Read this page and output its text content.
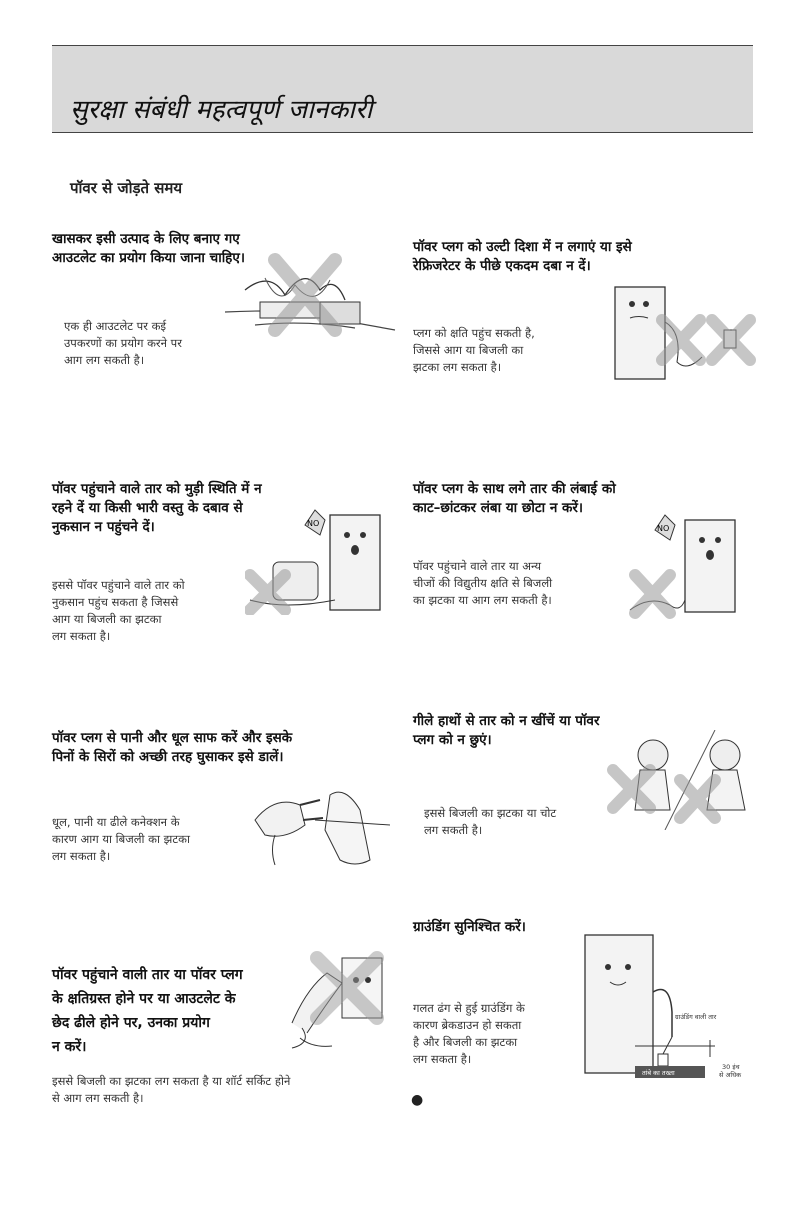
सुरक्षा संबंधी महत्वपूर्ण जानकारी
पॉवर से जोड़ते समय
खासकर इसी उत्पाद के लिए बनाए गए
आउटलेट का प्रयोग किया जाना चाहिए।
एक ही आउटलेट पर कई
उपकरणों का प्रयोग करने पर
आग लग सकती है।
पॉवर प्लग को उल्टी दिशा में न लगाएं या इसे
रेफ्रिजरेटर के पीछे एकदम दबा न दें।
प्लग को क्षति पहुंच सकती है,
जिससे आग या बिजली का
झटका लग सकता है।
पॉवर पहुंचाने वाले तार को मुड़ी स्थिति में न
रहने दें या किसी भारी वस्तु के दबाव से
नुकसान न पहुंचने दें।
इससे पॉवर पहुंचाने वाले तार को
नुकसान पहुंच सकता है जिससे
आग या बिजली का झटका
लग सकता है।
NO
पॉवर प्लग के साथ लगे तार की लंबाई को
काट–छांटकर लंबा या छोटा न करें।
पॉवर पहुंचाने वाले तार या अन्य
चीजों की विद्युतीय क्षति से बिजली
का झटका या आग लग सकती है।
NO
पॉवर प्लग से पानी और धूल साफ करें और इसके
पिनों के सिरों को अच्छी तरह घुसाकर इसे डालें।
धूल, पानी या ढीले कनेक्शन के
कारण आग या बिजली का झटका
लग सकता है।
गीले हाथों से तार को न खींचें या पॉवर
प्लग को न छुएं।
इससे बिजली का झटका या चोट
लग सकती है।
पॉवर पहुंचाने वाली तार या पॉवर प्लग
के क्षतिग्रस्त होने पर या आउटलेट के
छेद ढीले होने पर, उनका प्रयोग
न करें।
इससे बिजली का झटका लग सकता है या शॉर्ट सर्किट होने
से आग लग सकती है।
ग्राउंडिंग सुनिश्चित करें।
गलत ढंग से हुई ग्राउंडिंग के
कारण ब्रेकडाउन हो सकता
है और बिजली का झटका
लग सकता है।
तांबे का तख्ता
ग्राउंडिंग वाली तार
30 इंच
से अधिक
●
